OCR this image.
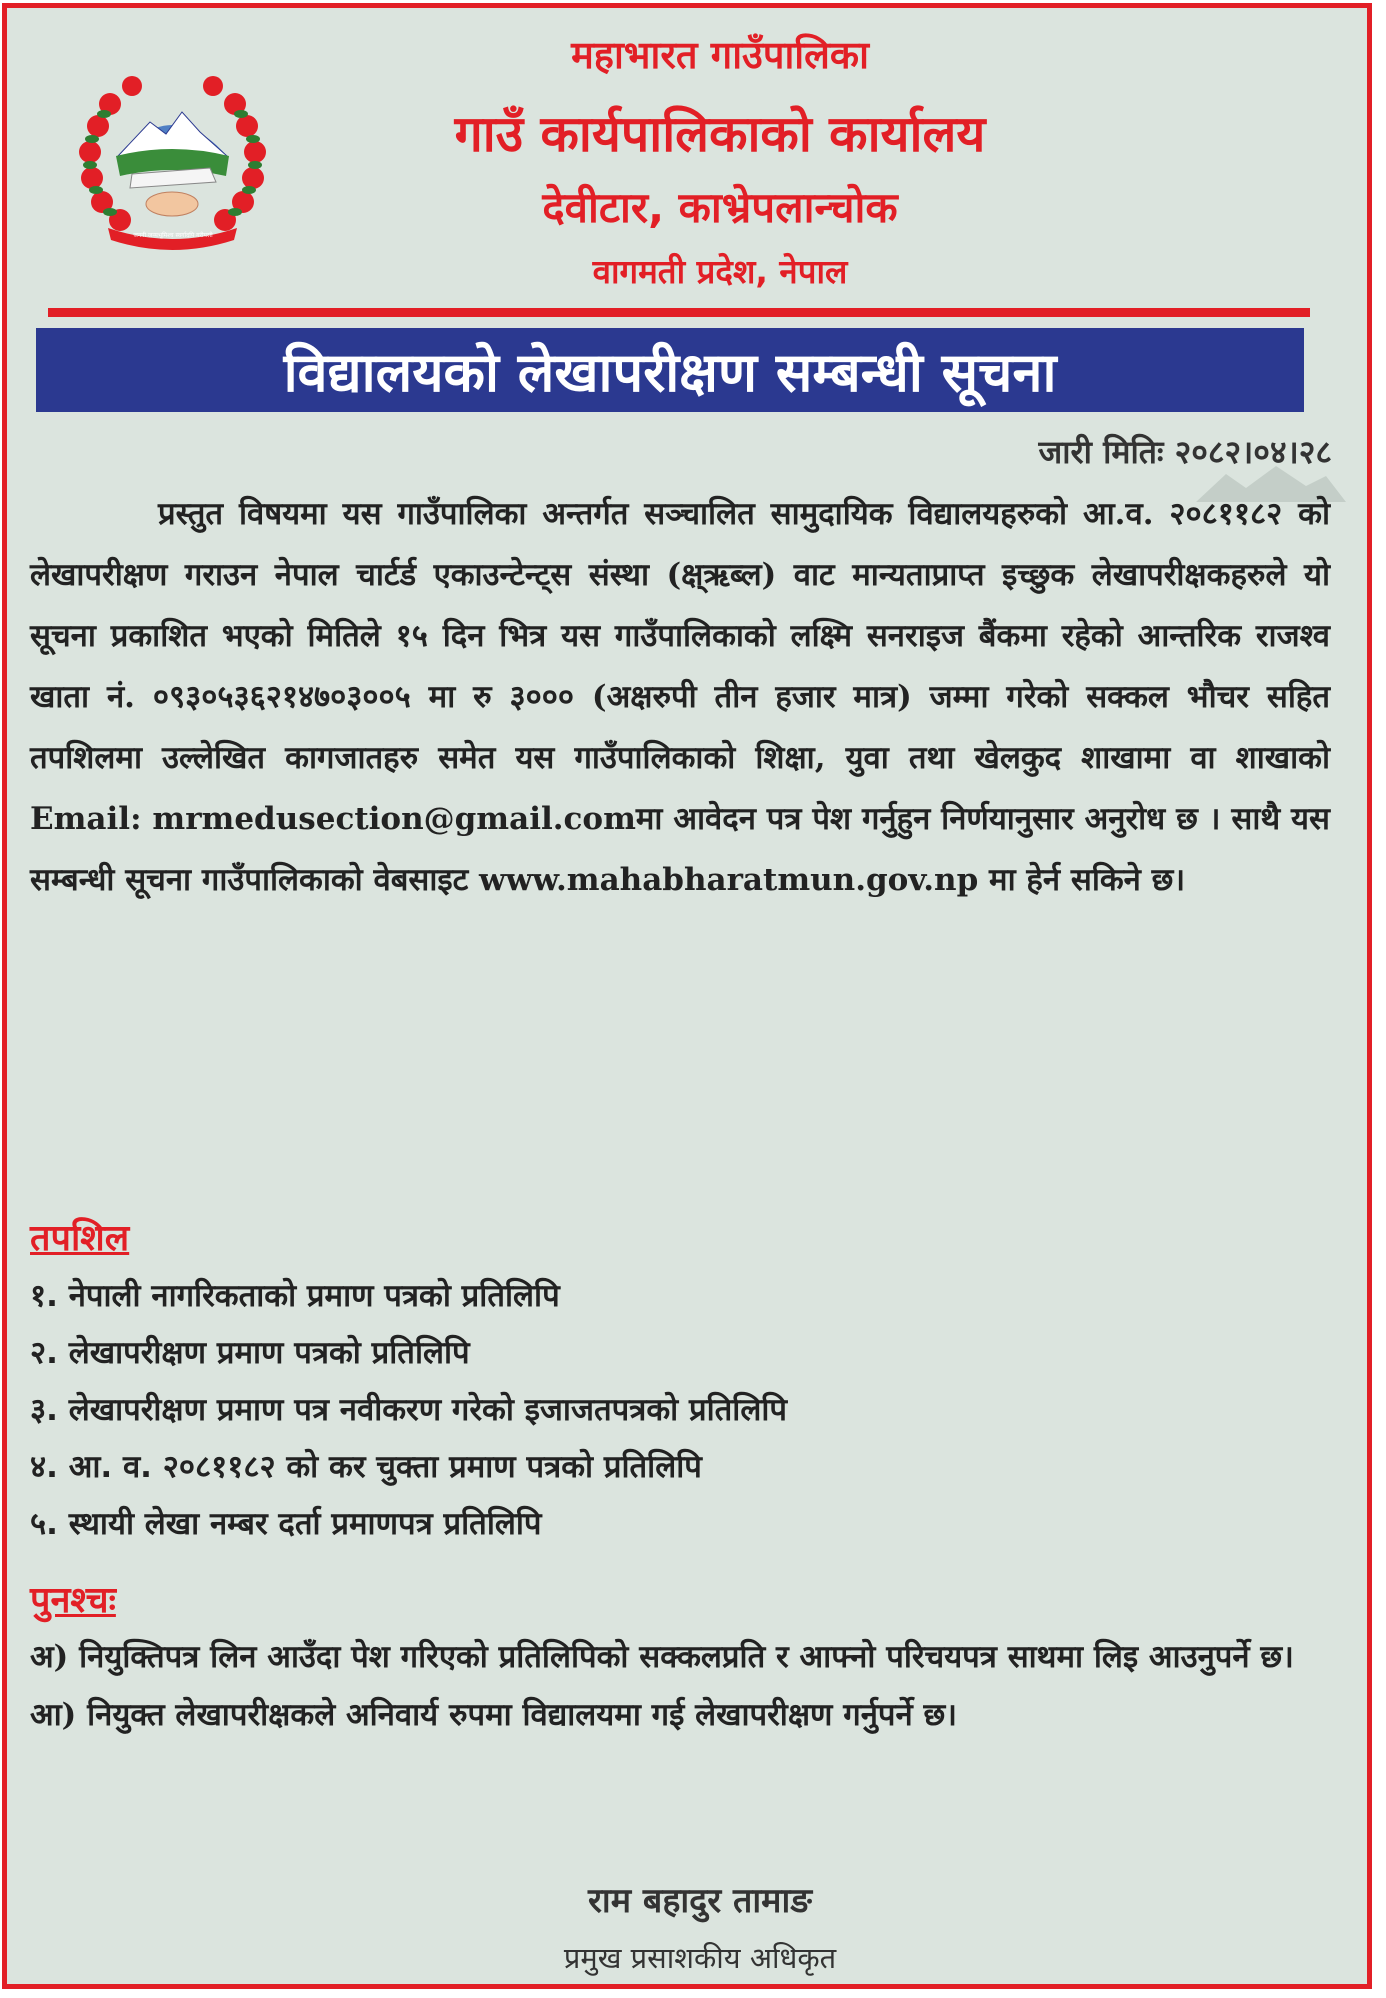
जननी जन्मभूमिश्च स्वर्गादपि गरीयसी
महाभारत गाउँपालिका
गाउँ कार्यपालिकाको कार्यालय
देवीटार, काभ्रेपलान्चोक
वागमती प्रदेश, नेपाल
विद्यालयको लेखापरीक्षण सम्बन्धी सूचना
जारी मितिः २०८२।०४।२८
प्रस्तुत विषयमा यस गाउँपालिका अन्तर्गत सञ्चालित सामुदायिक विद्यालयहरुको आ.व. २०८११८२ को लेखापरीक्षण गराउन नेपाल चार्टर्ड एकाउन्टेन्ट्स संस्था (क्ष्ऋब्ल) वाट मान्यताप्राप्त इच्छुक लेखापरीक्षकहरुले यो सूचना प्रकाशित भएको मितिले १५ दिन भित्र यस गाउँपालिकाको लक्ष्मि सनराइज बैंकमा रहेको आन्तरिक राजश्व खाता नं. ०९३०५३६२१४७०३००५ मा रु ३००० (अक्षरुपी तीन हजार मात्र) जम्मा गरेको सक्कल भौचर सहित तपशिलमा उल्लेखित कागजातहरु समेत यस गाउँपालिकाको शिक्षा, युवा तथा खेलकुद शाखामा वा शाखाको Email: mrmedusection@gmail.comमा आवेदन पत्र पेश गर्नुहुन निर्णयानुसार अनुरोध छ । साथै यस सम्बन्धी सूचना गाउँपालिकाको वेबसाइट www.mahabharatmun.gov.np मा हेर्न सकिने छ।
तपशिल
१. नेपाली नागरिकताको प्रमाण पत्रको प्रतिलिपि
२. लेखापरीक्षण प्रमाण पत्रको प्रतिलिपि
३. लेखापरीक्षण प्रमाण पत्र नवीकरण गरेको इजाजतपत्रको प्रतिलिपि
४. आ. व. २०८११८२ को कर चुक्ता प्रमाण पत्रको प्रतिलिपि
५. स्थायी लेखा नम्बर दर्ता प्रमाणपत्र प्रतिलिपि
पुनश्चः

अ) नियुक्तिपत्र लिन आउँदा पेश गरिएको प्रतिलिपिको सक्कलप्रति र आफ्नो परिचयपत्र साथमा लिइ आउनुपर्ने छ।

आ) नियुक्त लेखापरीक्षकले अनिवार्य रुपमा विद्यालयमा गई लेखापरीक्षण गर्नुपर्ने छ।

राम बहादुर तामाङ
प्रमुख प्रसाशकीय अधिकृत
